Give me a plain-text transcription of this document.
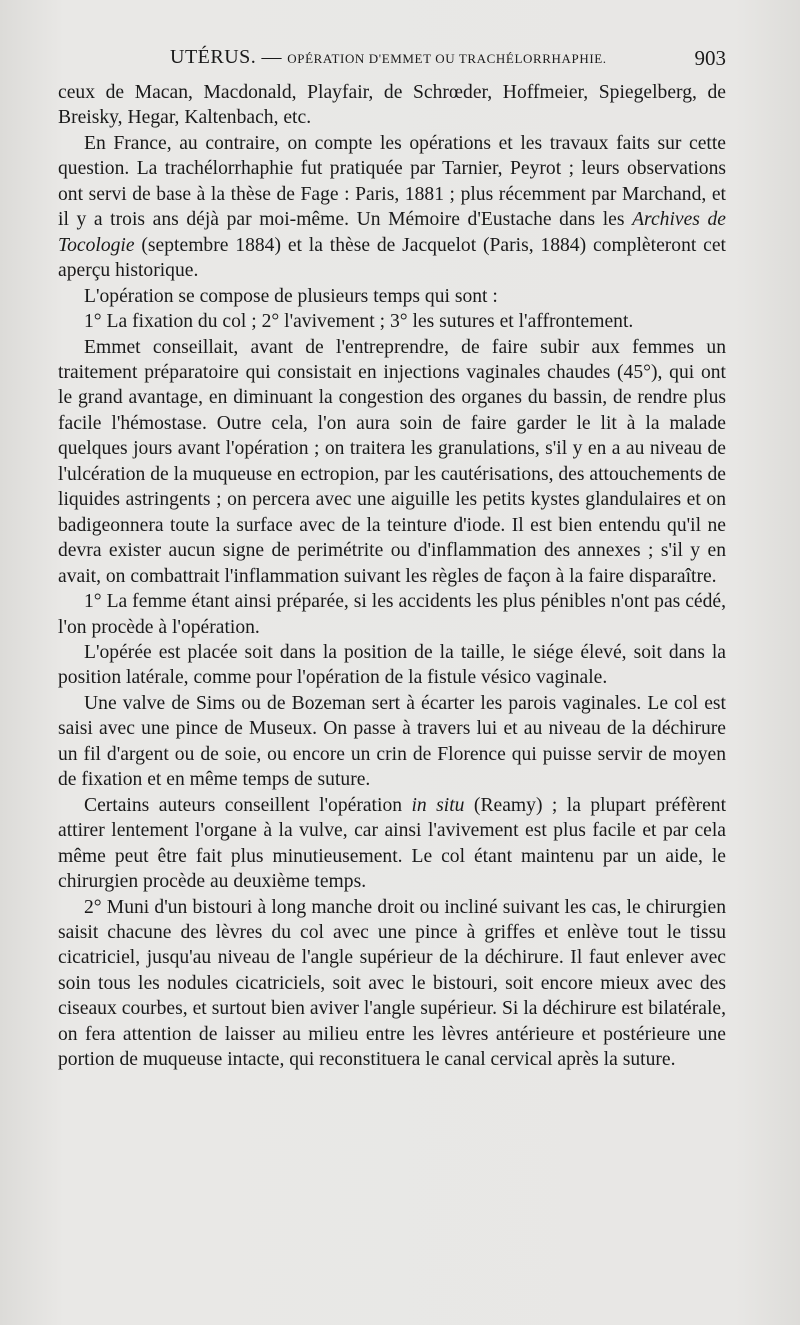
UTÉRUS. — OPÉRATION D'EMMET OU TRACHÉLORRHAPHIE.	903

ceux de Macan, Macdonald, Playfair, de Schrœder, Hoffmeier, Spiegelberg, de Breisky, Hegar, Kaltenbach, etc.

En France, au contraire, on compte les opérations et les travaux faits sur cette question. La trachélorrhaphie fut pratiquée par Tarnier, Peyrot ; leurs observations ont servi de base à la thèse de Fage : Paris, 1881 ; plus récemment par Marchand, et il y a trois ans déjà par moi-même. Un Mémoire d'Eustache dans les Archives de Tocologie (septembre 1884) et la thèse de Jacquelot (Paris, 1884) complèteront cet aperçu historique.

L'opération se compose de plusieurs temps qui sont :

1° La fixation du col ; 2° l'avivement ; 3° les sutures et l'affrontement.

Emmet conseillait, avant de l'entreprendre, de faire subir aux femmes un traitement préparatoire qui consistait en injections vaginales chaudes (45°), qui ont le grand avantage, en diminuant la congestion des organes du bassin, de rendre plus facile l'hémostase. Outre cela, l'on aura soin de faire garder le lit à la malade quelques jours avant l'opération ; on traitera les granulations, s'il y en a au niveau de l'ulcération de la muqueuse en ectropion, par les cautérisations, des attouchements de liquides astringents ; on percera avec une aiguille les petits kystes glandulaires et on badigeonnera toute la surface avec de la teinture d'iode. Il est bien entendu qu'il ne devra exister aucun signe de perimétrite ou d'inflammation des annexes ; s'il y en avait, on combattrait l'inflammation suivant les règles de façon à la faire disparaître.

1° La femme étant ainsi préparée, si les accidents les plus pénibles n'ont pas cédé, l'on procède à l'opération.

L'opérée est placée soit dans la position de la taille, le siége élevé, soit dans la position latérale, comme pour l'opération de la fistule vésico vaginale.

Une valve de Sims ou de Bozeman sert à écarter les parois vaginales. Le col est saisi avec une pince de Museux. On passe à travers lui et au niveau de la déchirure un fil d'argent ou de soie, ou encore un crin de Florence qui puisse servir de moyen de fixation et en même temps de suture.

Certains auteurs conseillent l'opération in situ (Reamy) ; la plupart préfèrent attirer lentement l'organe à la vulve, car ainsi l'avivement est plus facile et par cela même peut être fait plus minutieusement. Le col étant maintenu par un aide, le chirurgien procède au deuxième temps.

2° Muni d'un bistouri à long manche droit ou incliné suivant les cas, le chirurgien saisit chacune des lèvres du col avec une pince à griffes et enlève tout le tissu cicatriciel, jusqu'au niveau de l'angle supérieur de la déchirure. Il faut enlever avec soin tous les nodules cicatriciels, soit avec le bistouri, soit encore mieux avec des ciseaux courbes, et surtout bien aviver l'angle supérieur. Si la déchirure est bilatérale, on fera attention de laisser au milieu entre les lèvres antérieure et postérieure une portion de muqueuse intacte, qui reconstituera le canal cervical après la suture.
